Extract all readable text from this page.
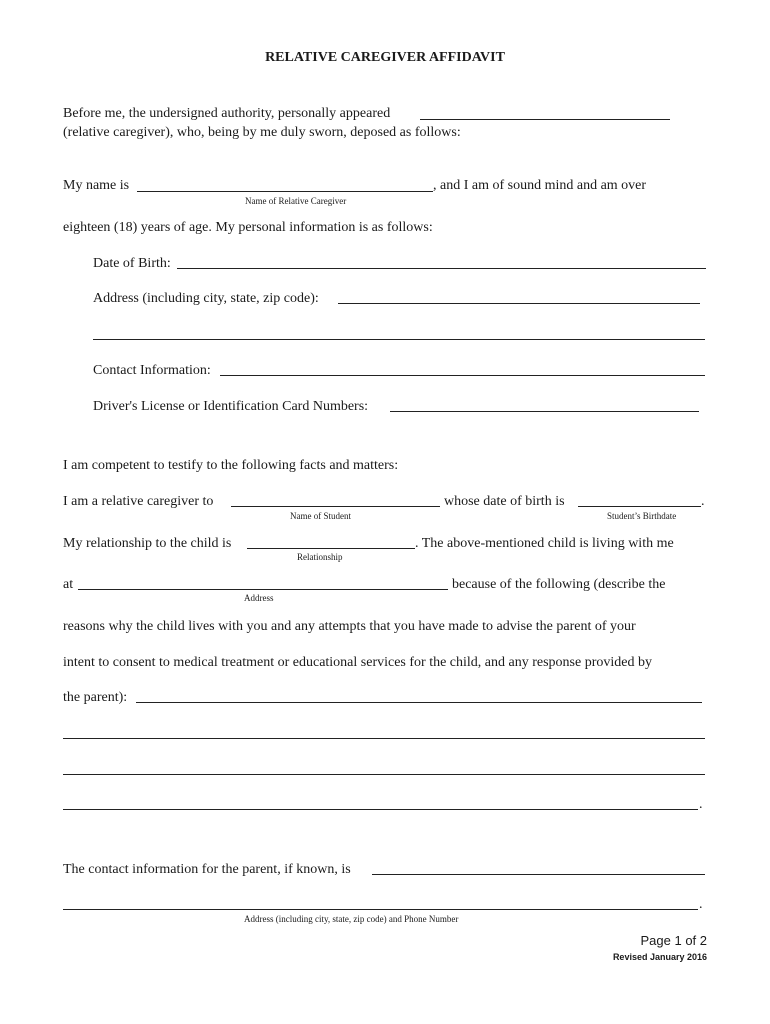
RELATIVE CAREGIVER AFFIDAVIT
Before me, the undersigned authority, personally appeared
(relative caregiver), who, being by me duly sworn, deposed as follows:
My name is	, and I am of sound mind and am over
Name of Relative Caregiver
eighteen (18) years of age. My personal information is as follows:
Date of Birth:
Address (including city, state, zip code):
Contact Information:
Driver's License or Identification Card Numbers:
I am competent to testify to the following facts and matters:
I am a relative caregiver to	whose date of birth is	.
Name of Student	Student’s Birthdate
My relationship to the child is	. The above-mentioned child is living with me
Relationship
at	because of the following (describe the
Address
reasons why the child lives with you and any attempts that you have made to advise the parent of your
intent to consent to medical treatment or educational services for the child, and any response provided by
the parent):
.
The contact information for the parent, if known, is
.
Address (including city, state, zip code) and Phone Number
Page 1 of 2
Revised January 2016
